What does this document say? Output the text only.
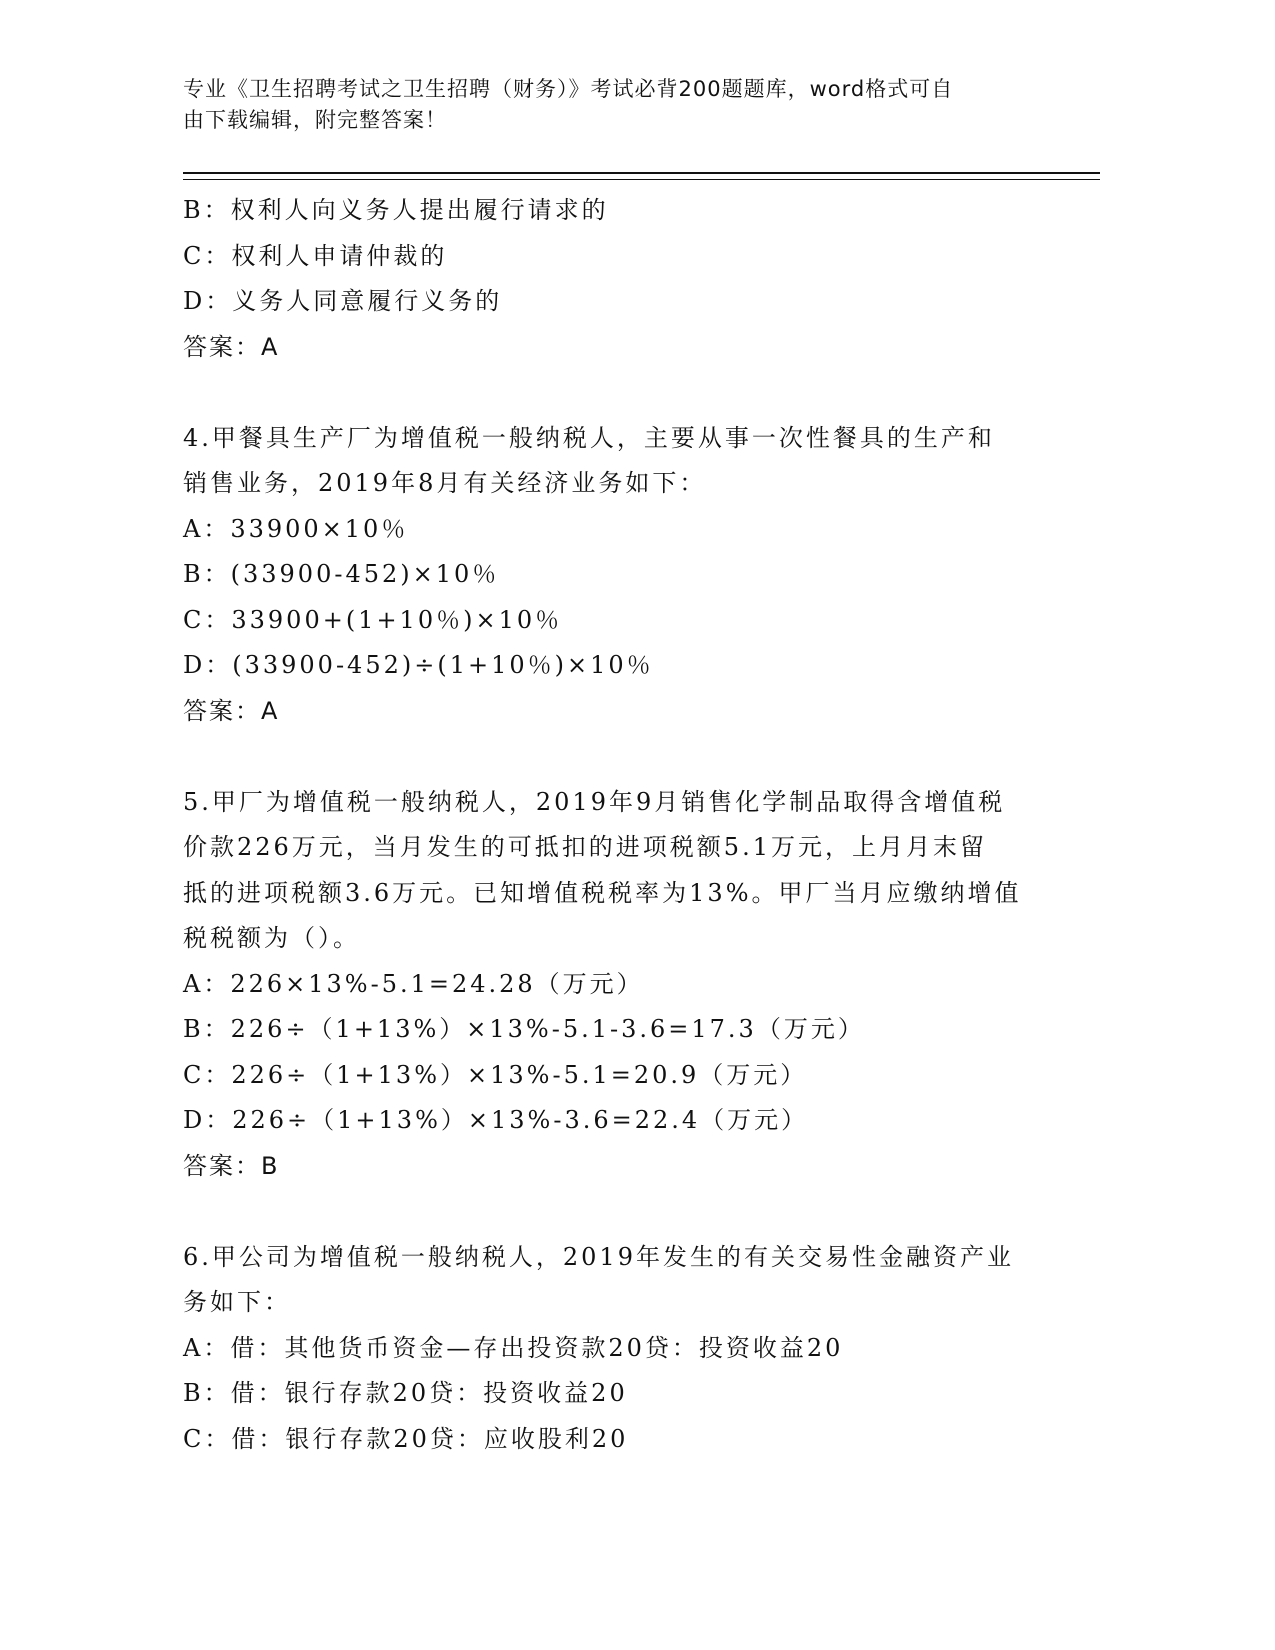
专业《卫生招聘考试之卫生招聘（财务）》考试必背200题题库，word格式可自
由下载编辑，附完整答案！
B：权利人向义务人提出履行请求的
C：权利人申请仲裁的
D：义务人同意履行义务的
答案：A
4.甲餐具生产厂为增值税一般纳税人，主要从事一次性餐具的生产和
销售业务，2019年8月有关经济业务如下：
A：33900×10％
B：(33900-452)×10％
C：33900+(1+10％)×10％
D：(33900-452)÷(1+10％)×10％
答案：A
5.甲厂为增值税一般纳税人，2019年9月销售化学制品取得含增值税
价款226万元，当月发生的可抵扣的进项税额5.1万元，上月月末留
抵的进项税额3.6万元。已知增值税税率为13%。甲厂当月应缴纳增值
税税额为（）。
A：226×13%-5.1=24.28（万元）
B：226÷（1+13%）×13%-5.1-3.6=17.3（万元）
C：226÷（1+13%）×13%-5.1=20.9（万元）
D：226÷（1+13%）×13%-3.6=22.4（万元）
答案：B
6.甲公司为增值税一般纳税人，2019年发生的有关交易性金融资产业
务如下：
A：借：其他货币资金—存出投资款20贷：投资收益20
B：借：银行存款20贷：投资收益20
C：借：银行存款20贷：应收股利20
